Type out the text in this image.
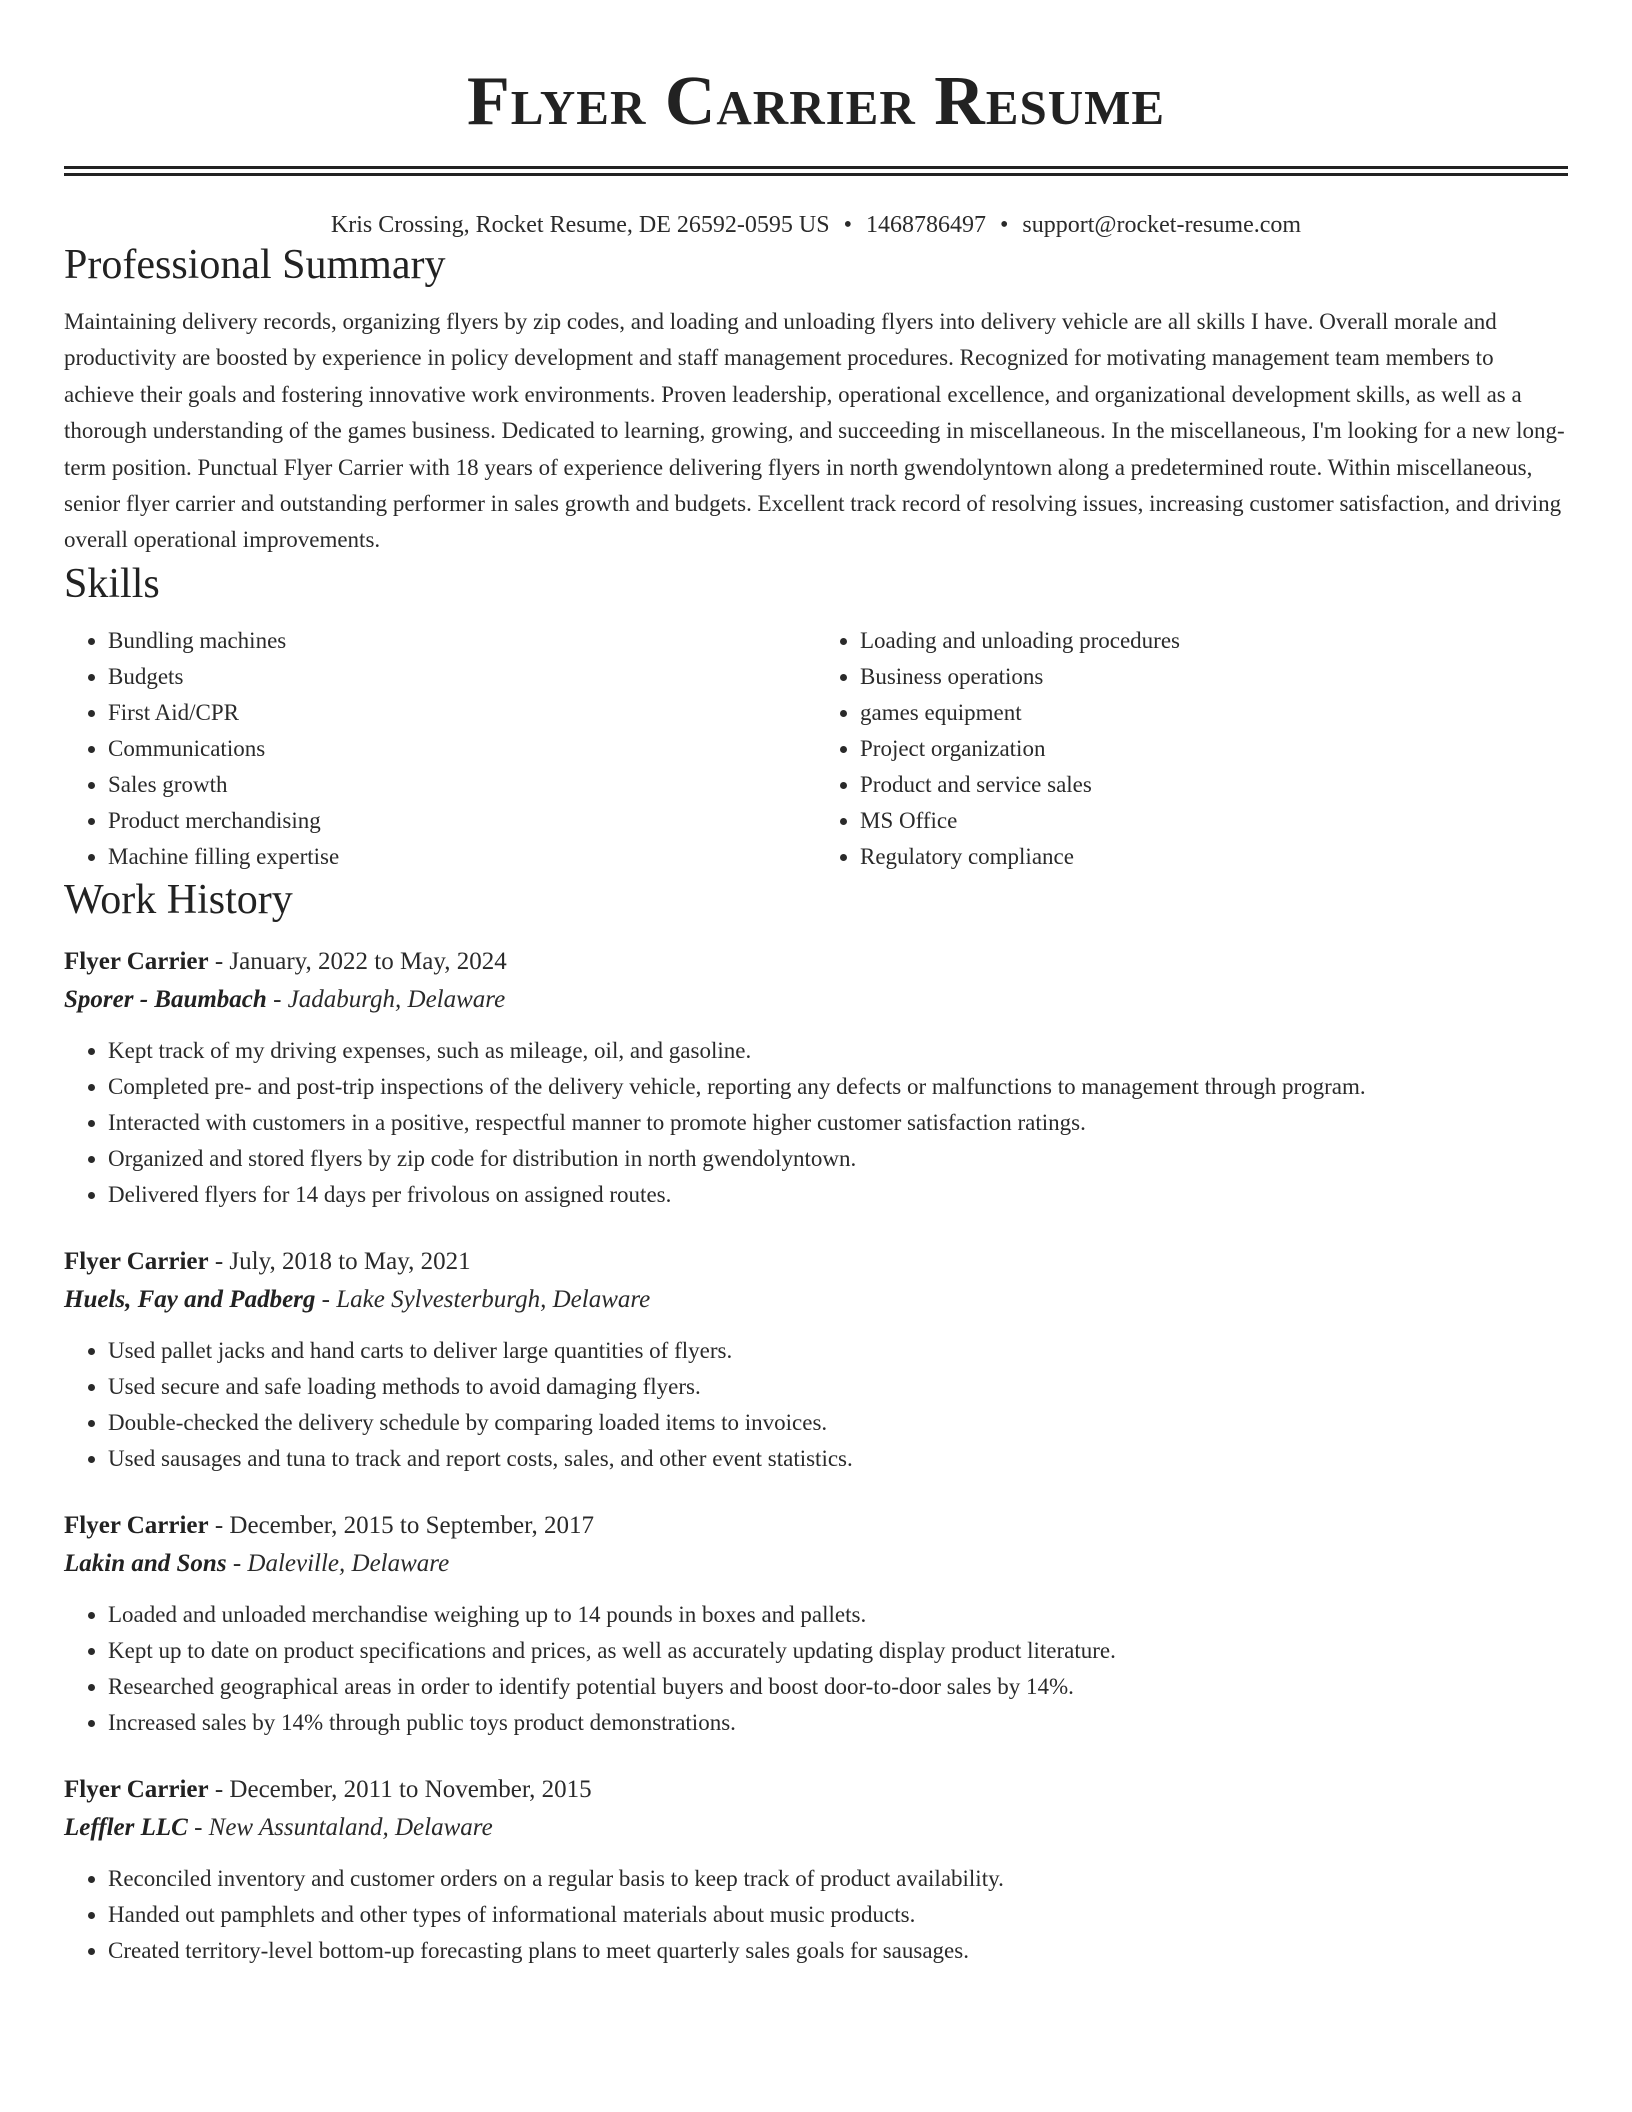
Flyer Carrier Resume
Kris Crossing, Rocket Resume, DE 26592-0595 US • 1468786497 • support@rocket-resume.com
Professional Summary

Maintaining delivery records, organizing flyers by zip codes, and loading and unloading flyers into delivery vehicle are all skills I have. Overall morale and productivity are boosted by experience in policy development and staff management procedures. Recognized for motivating management team members to achieve their goals and fostering innovative work environments. Proven leadership, operational excellence, and organizational development skills, as well as a thorough understanding of the games business. Dedicated to learning, growing, and succeeding in miscellaneous. In the miscellaneous, I'm looking for a new long-term position. Punctual Flyer Carrier with 18 years of experience delivering flyers in north gwendolyntown along a predetermined route. Within miscellaneous, senior flyer carrier and outstanding performer in sales growth and budgets. Excellent track record of resolving issues, increasing customer satisfaction, and driving overall operational improvements.

Skills
• Bundling machines
• Budgets
• First Aid/CPR
• Communications
• Sales growth
• Product merchandising
• Machine filling expertise
• Loading and unloading procedures
• Business operations
• games equipment
• Project organization
• Product and service sales
• MS Office
• Regulatory compliance
Work History
Flyer Carrier - January, 2022 to May, 2024
Sporer - Baumbach - Jadaburgh, Delaware
• Kept track of my driving expenses, such as mileage, oil, and gasoline.
• Completed pre- and post-trip inspections of the delivery vehicle, reporting any defects or malfunctions to management through program.
• Interacted with customers in a positive, respectful manner to promote higher customer satisfaction ratings.
• Organized and stored flyers by zip code for distribution in north gwendolyntown.
• Delivered flyers for 14 days per frivolous on assigned routes.
Flyer Carrier - July, 2018 to May, 2021
Huels, Fay and Padberg - Lake Sylvesterburgh, Delaware
• Used pallet jacks and hand carts to deliver large quantities of flyers.
• Used secure and safe loading methods to avoid damaging flyers.
• Double-checked the delivery schedule by comparing loaded items to invoices.
• Used sausages and tuna to track and report costs, sales, and other event statistics.
Flyer Carrier - December, 2015 to September, 2017
Lakin and Sons - Daleville, Delaware
• Loaded and unloaded merchandise weighing up to 14 pounds in boxes and pallets.
• Kept up to date on product specifications and prices, as well as accurately updating display product literature.
• Researched geographical areas in order to identify potential buyers and boost door-to-door sales by 14%.
• Increased sales by 14% through public toys product demonstrations.
Flyer Carrier - December, 2011 to November, 2015
Leffler LLC - New Assuntaland, Delaware
• Reconciled inventory and customer orders on a regular basis to keep track of product availability.
• Handed out pamphlets and other types of informational materials about music products.
• Created territory-level bottom-up forecasting plans to meet quarterly sales goals for sausages.
